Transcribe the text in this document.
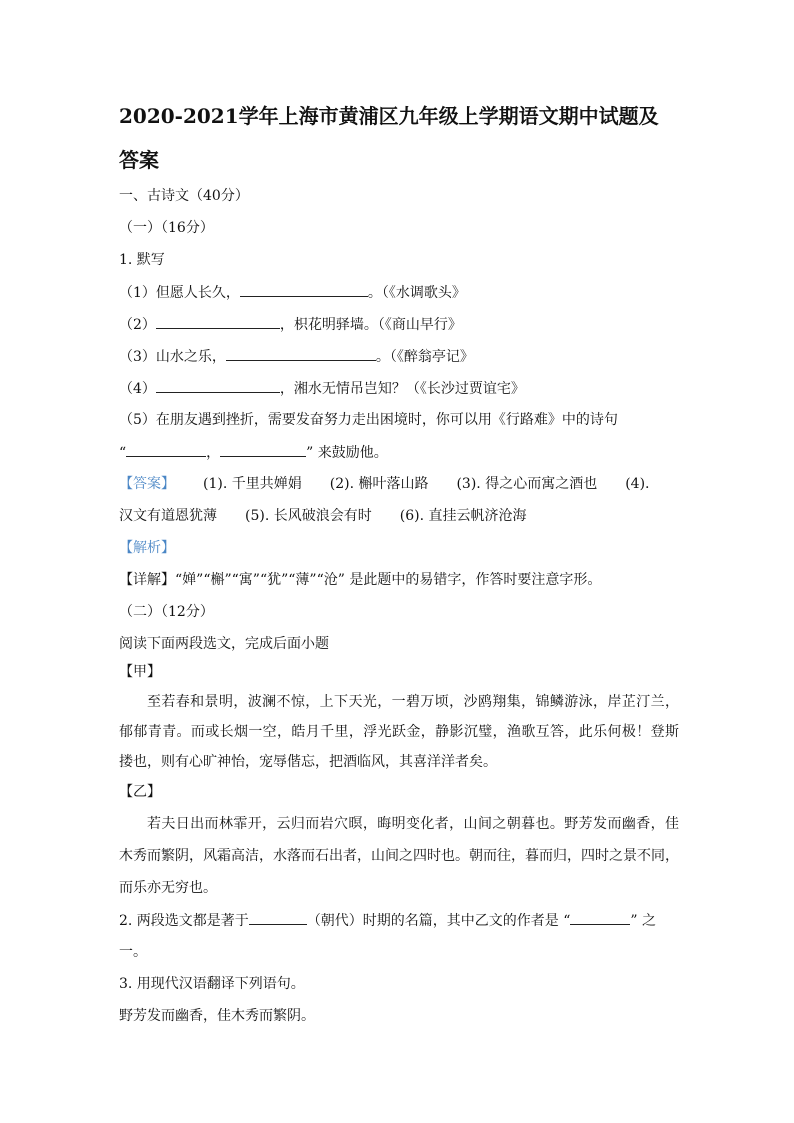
2020-2021学年上海市黄浦区九年级上学期语文期中试题及
答案
一、古诗文（40分）
（一）（16分）
1. 默写
（1）但愿人长久，	。（《水调歌头》
（2）	，枳花明驿墙。（《商山早行》
（3）山水之乐，	。（《醉翁亭记》
（4）	，湘水无情吊岂知？（《长沙过贾谊宅》
（5）在朋友遇到挫折，需要发奋努力走出困境时，你可以用《行路难》中的诗句
“	，	” 来鼓励他。
【答案】 (1). 千里共婵娟 (2). 槲叶落山路 (3). 得之心而寓之酒也 (4).
汉文有道恩犹薄 (5). 长风破浪会有时 (6). 直挂云帆济沧海
【解析】
【详解】“婵”“槲”“寓”“犹”“薄”“沧” 是此题中的易错字，作答时要注意字形。
（二）（12分）
阅读下面两段选文，完成后面小题
【甲】
至若春和景明，波澜不惊，上下天光，一碧万顷，沙鸥翔集，锦鳞游泳，岸芷汀兰，
郁郁青青。而或长烟一空，皓月千里，浮光跃金，静影沉璧，渔歌互答，此乐何极！登斯
搂也，则有心旷神怡，宠辱偕忘，把酒临风，其喜洋洋者矣。
【乙】
若夫日出而林霏开，云归而岩穴暝，晦明变化者，山间之朝暮也。野芳发而幽香，佳
木秀而繁阴，风霜高洁，水落而石出者，山间之四时也。朝而往，暮而归，四时之景不同，
而乐亦无穷也。
2. 两段选文都是著于	（朝代）时期的名篇，其中乙文的作者是 “	” 之
一。
3. 用现代汉语翻译下列语句。
野芳发而幽香，佳木秀而繁阴。
